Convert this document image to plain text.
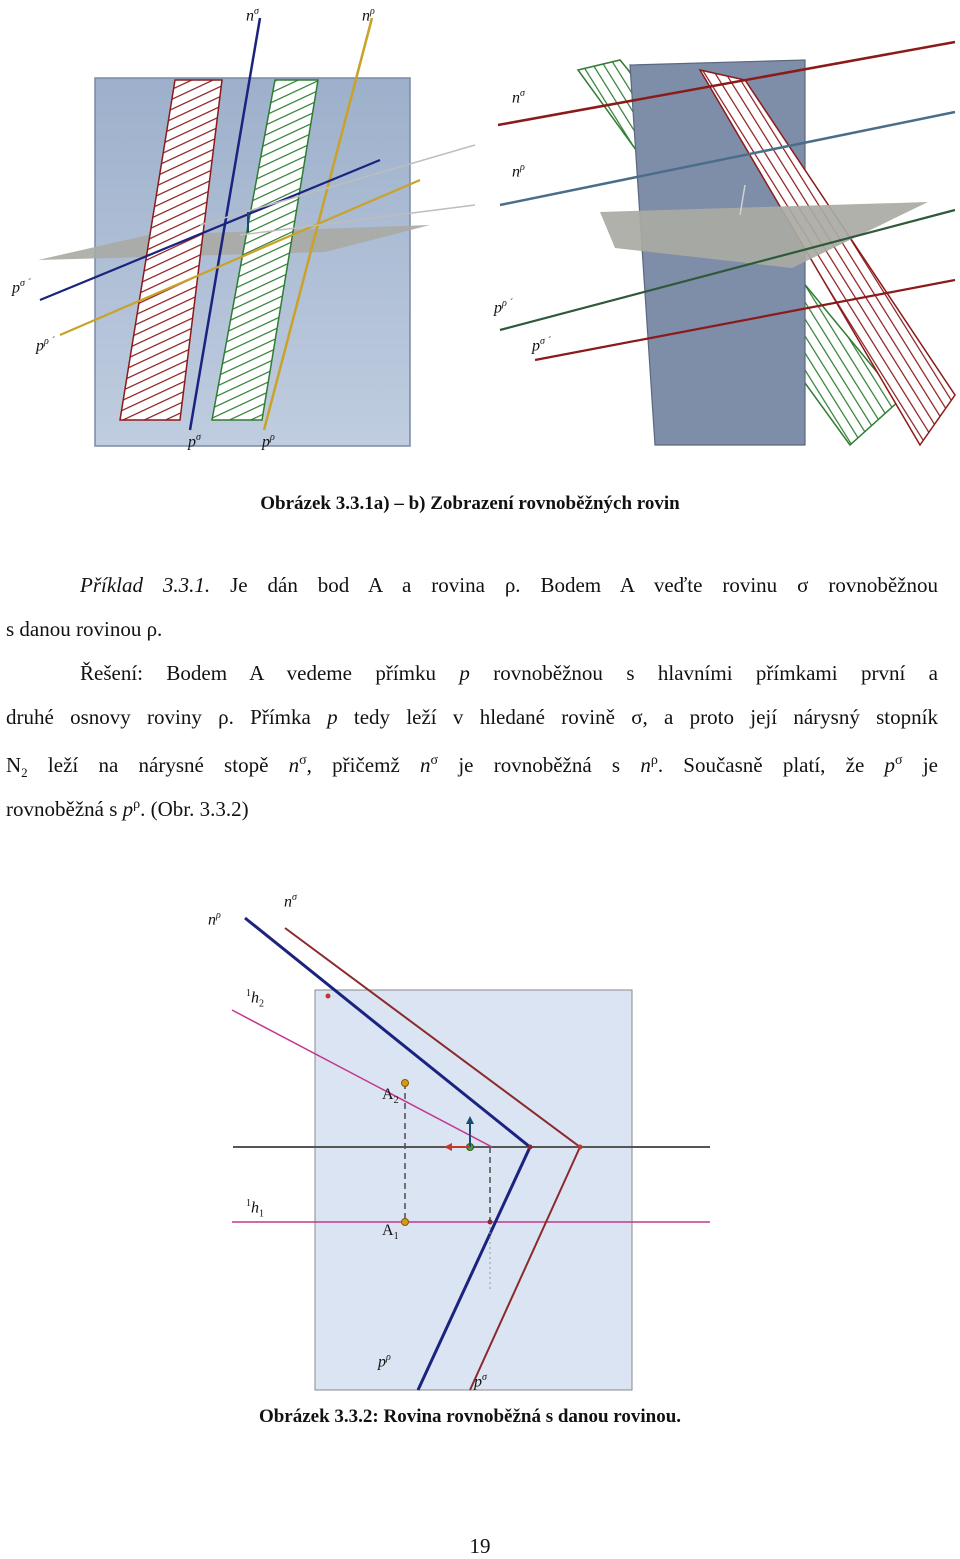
$n^\sigma$	$n^\rho$
$p^{\sigma ´}$
$p^{\rho ´}$
$p^\sigma$	$p^\rho$
$n^\sigma$
$n^\rho$
$p^{\rho ´}$
$p^{\sigma ´}$
Obrázek 3.3.1a) – b) Zobrazení rovnoběžných rovin
Příklad 3.3.1. Je dán bod A a rovina ρ. Bodem A veďte rovinu σ rovnoběžnou
s danou rovinou ρ.
Řešení: Bodem A vedeme přímku p rovnoběžnou s hlavními přímkami první a
druhé osnovy roviny ρ. Přímka p tedy leží v hledané rovině σ, a proto její nárysný stopník
$N_2$ leží na nárysné stopě $n^\sigma$, přičemž $n^\sigma$ je rovnoběžná s $n^\rho$. Současně platí, že $p^\sigma$ je
rovnoběžná s $p^\rho$. (Obr. 3.3.2)
$n^\rho$
$n^\sigma$
$^1h_2$
$A_2$
$^1h_1$
$A_1$
$p^\rho$
$p^\sigma$
Obrázek 3.3.2: Rovina rovnoběžná s danou rovinou.
19
